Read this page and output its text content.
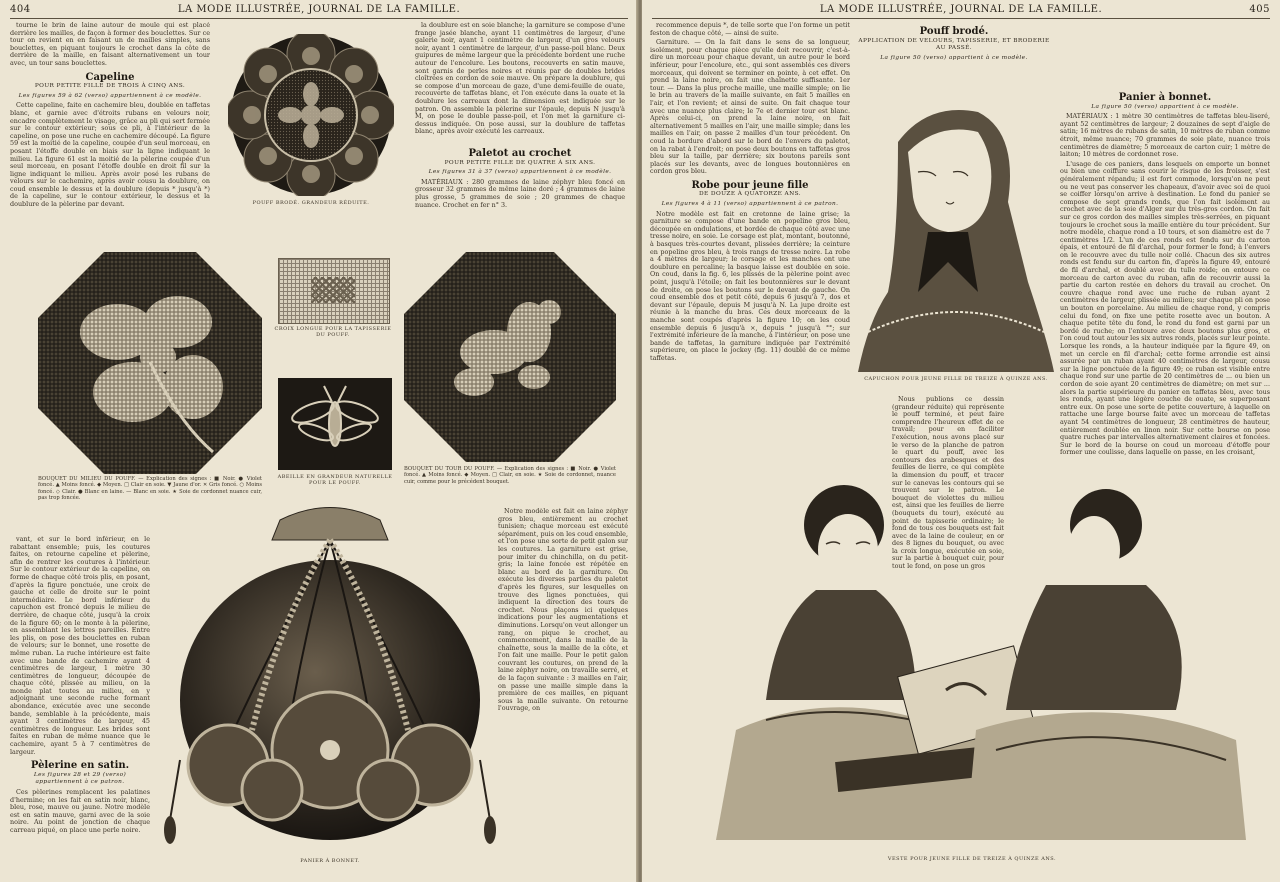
404	LA MODE ILLUSTRÉE, JOURNAL DE LA FAMILLE.

tourne le brin de laine autour de moule qui est placé derrière les mailles, de façon à former des bouclettes. Sur ce tour on revient en en faisant un de mailles simples, sans bouclettes, en piquant toujours le crochet dans la côte de derrière de la maille, en faisant alternativement un tour avec, un tour sans bouclettes.

Capeline
POUR PETITE FILLE DE TROIS À CINQ ANS.
Les figures 59 à 62 (verso) appartiennent à ce modèle.

Cette capeline, faite en cachemire bleu, doublée en taffetas blanc, et garnie avec d'étroits rubans en velours noir, encadre complètement le visage, grâce au pli qui sert fermée sur le contour extérieur; sous ce pli, à l'intérieur de la capeline, on pose une ruche en cachemire découpé. La figure 59 est la moitié de la capeline, coupée d'un seul morceau, en posant l'étoffe double en biais sur la ligne indiquant le milieu. La figure 61 est la moitié de la pèlerine coupée d'un seul morceau, en posant l'étoffe double en droit fil sur la ligne indiquant le milieu. Après avoir posé les rubans de velours sur le cachemire, après avoir cousu la doublure, on coud ensemble le dessus et la doublure (depuis * jusqu'à *) de la capeline, sur le contour extérieur, le dessus et la doublure de la pèlerine par devant.	POUFF BRODÉ. GRANDEUR RÉDUITE.

la doublure est en soie blanche; la garniture se compose d'une frange jasée blanche, ayant 11 centimètres de largeur, d'une galerie noir, ayant 1 centimètre de largeur, d'un gros velours noir, ayant 1 centimètre de largeur, d'un passe-poil blanc. Deux guipures de même largeur que la précédente bordent une ruche autour de l'encolure. Les boutons, recouverts en satin mauve, sont garnis de perles noires et réunis par de doubles brides cloîtrées en cordon de soie mauve. On prépare la doublure, qui se compose d'un morceau de gaze, d'une demi-feuille de ouate, recouverte de taffetas blanc, et l'on exécute dans la ouate et la doublure les carreaux dont la dimension est indiquée sur le patron. On assemble la pèlerine sur l'épaule, depuis N jusqu'à M, on pose le double passe-poil, et l'on met la garniture ci-dessus indiquée. On pose aussi, sur la doublure de taffetas blanc, après avoir exécuté les carreaux.

Paletot au crochet
POUR PETITE FILLE DE QUATRE À SIX ANS.
Les figures 31 à 37 (verso) appartiennent à ce modèle.

MATÉRIAUX : 280 grammes de laine zéphyr bleu foncé en grosseur 32 grammes de même laine doré ; 4 grammes de laine plus grosse, 5 grammes de soie ; 20 grammes de chaque nuance. Crochet en fer n° 3.

BOUQUET DU MILIEU DU POUFF. — Explication des signes : ■ Noir. ● Violet foncé. ▲ Moins foncé. ◆ Moyen. □ Clair en soie. ▼ Jaune d'or. ✕ Gris foncé. ○ Moins foncé. ◇ Clair. ● Blanc en laine. — Blanc en soie. ★ Soie de cordonnet nuance cuir, pas trop foncée.
CROIX LONGUE POUR LA TAPISSERIE DU POUFF.
ABEILLE EN GRANDEUR NATURELLE POUR LE POUFF.
BOUQUET DU TOUR DU POUFF. — Explication des signes : ■ Noir. ● Violet foncé. ▲ Moins foncé. ◆ Moyen. □ Clair, en soie. ★ Soie de cordonnet, nuance cuir, comme pour le précédent bouquet.

vant, et sur le bord inférieur, en le rabattant ensemble; puis, les coutures faites, on retourne capeline et pèlerine, afin de rentrer les coutures à l'intérieur. Sur le contour extérieur de la capeline, on forme de chaque côté trois plis, en posant, d'après la figure ponctuée, une croix de gauche et celle de droite sur le point intermédiaire. Le bord inférieur du capuchon est froncé depuis le milieu de derrière, de chaque côté, jusqu'à la croix de la figure 60; on le monte à la pèlerine, en assemblant les lettres pareilles. Entre les plis, on pose des bouclettes en ruban de velours; sur le bonnet, une rosette de même ruban. La ruche intérieure est faite avec une bande de cachemire ayant 4 centimètres de largeur, 1 mètre 30 centimètres de longueur, découpée de chaque côté, plissée au milieu, on la monde plat toutes au milieu, en y adjoignant une seconde ruche formant abondance, exécutée avec une seconde bande, semblable à la précédente, mais ayant 3 centimètres de largeur, 45 centimètres de longueur. Les brides sont faites en ruban de même nuance que le cachemire, ayant 5 à 7 centimètres de largeur.

Pèlerine en satin.
Les figures 28 et 29 (verso) appartiennent à ce patron.

Ces pèlerines remplacent les palatines d'hermine; on les fait en satin noir, blanc, bleu, rose, mauve ou jaune. Notre modèle est en satin mauve, garni avec de la soie noire. Au point de jonction de chaque carreau piqué, on place une perle noire.

PANIER À BONNET.

Notre modèle est fait en laine zéphyr gros bleu, entièrement au crochet tunisien; chaque morceau est exécuté séparément, puis on les coud ensemble, et l'on pose une sorte de petit galon sur les coutures. La garniture est grise, pour imiter du chinchilla, on du petit-gris; la laine foncée est répétée en blanc au bord de la garniture. On exécute les diverses parties du paletot d'après les figures, sur lesquelles on trouve des lignes ponctuées, qui indiquent la direction des tours de crochet. Nous plaçons ici quelques indications pour les augmentations et diminutions. Lorsqu'on veut allonger un rang, on pique le crochet, au commencement, dans la maille de la chaînette, sous la maille de la côte, et l'on fait une maille. Pour le petit galon couvrant les coutures, on prend de la laine zéphyr noire, on travaille serré, et de la façon suivante : 3 mailles en l'air, on passe une maille simple dans la première de ces mailles, en piquant sous la maille suivante. On retourne l'ouvrage, on

LA MODE ILLUSTRÉE, JOURNAL DE LA FAMILLE.	405

recommence depuis *, de telle sorte que l'on forme un petit feston de chaque côté, — ainsi de suite.

Garniture. — On la fait dans le sens de sa longueur, isolément, pour chaque pièce qu'elle doit recouvrir, c'est-à-dire un morceau pour chaque devant, un autre pour le bord inférieur, pour l'encolure, etc., qui sont assemblés ces divers morceaux, qui doivent se terminer en pointe, à cet effet. On prend la laine noire, on fait une chaînette suffisante. 1er tour. — Dans la plus proche maille, une maille simple; on lie le brin au travers de la maille suivante, en fait 5 mailles en l'air, et l'on revient; et ainsi de suite. On fait chaque tour avec une nuance plus claire; le 7e et dernier tour est blanc. Après celui-ci, on prend la laine noire, on fait alternativement 5 mailles en l'air, une maille simple; dans les mailles en l'air, on passe 2 mailles d'un tour précédent. On coud la bordure d'abord sur le bord de l'envers du paletot, on la rabat à l'endroit; on pose deux boutons en taffetas gros bleu sur la taille, par derrière; six boutons pareils sont placés sur les devants, avec de longues boutonnières en cordon gros bleu.

Robe pour jeune fille
DE DOUZE À QUATORZE ANS.
Les figures 4 à 11 (verso) appartiennent à ce patron.

Notre modèle est fait en cretonne de laine grise; la garniture se compose d'une bande en popeline gros bleu, découpée en ondulations, et bordée de chaque côté avec une tresse noire, en soie. Le corsage est plat, montant, boutonné, à basques très-courtes devant, plissées derrière; la ceinture en popeline gros bleu, à trois rangs de tresse noire. La robe a 4 mètres de largeur; le corsage et les manches ont une doublure en percaline; la basque laisse est doublée en soie. On coud, dans la fig. 6, les plissés de la pèlerine point avec point, jusqu'à l'étoile; on fait les boutonnières sur le devant de droite, on pose les boutons sur le devant de gauche. On coud ensemble dos et petit côté, depuis 6 jusqu'à 7, dos et devant sur l'épaule, depuis M jusqu'à N. La jupe droite est réunie à la manche du bras. Ces deux morceaux de la manche sont coupés d'après la figure 10; on les coud ensemble depuis 6 jusqu'à ×, depuis ° jusqu'à °°; sur l'extrémité inférieure de la manche, à l'intérieur, on pose une bande de taffetas, la garniture indiquée par l'extrémité supérieure, on place le jockey (fig. 11) doublé de ce même taffetas.

Pouff brodé.
APPLICATION DE VELOURS, TAPISSERIE, ET BRODERIE AU PASSÉ.
La figure 50 (verso) appartient à ce modèle.
CAPUCHON POUR JEUNE FILLE DE TREIZE À QUINZE ANS.

Nous publions ce dessin (grandeur réduite) qui représente le pouff terminé, et peut faire comprendre l'heureux effet de ce travail; pour en faciliter l'exécution, nous avons placé sur le verso de la planche de patron le quart du pouff, avec les contours des arabesques et des feuilles de lierre, ce qui complète la dimension du pouff, et tracer sur le canevas les contours qui se trouvent sur le patron. Le bouquet de violettes du milieu est, ainsi que les feuilles de lierre (bouquets du tour), exécuté au point de tapisserie ordinaire; le fond de tous ces bouquets est fait avec de la laine de couleur, en or des 8 lignes du bouquet, ou avec la croix longue, exécutée en soie, sur la partie à bouquet cuir, pour tout le fond, on pose un gros

Panier à bonnet.
La figure 50 (verso) appartient à ce modèle.

MATÉRIAUX : 1 mètre 30 centimètres de taffetas bleu-liseré, ayant 52 centimètres de largeur; 2 douzaines de sept d'aigle de satin; 16 mètres de rubans de satin, 10 mètres de ruban comme étroit, même nuance; 70 grammes de soie plate, nuance trois centimètres de diamètre; 5 morceaux de carton cuir; 1 mètre de laiton; 10 mètres de cordonnet rose.

L'usage de ces paniers, dans lesquels on emporte un bonnet ou bien une coiffure sans courir le risque de les froisser, s'est généralement répandu; il est fort commode, lorsqu'on ne peut ou ne veut pas conserver les chapeaux, d'avoir avec soi de quoi se coiffer lorsqu'on arrive à destination. Le fond du panier se compose de sept grands ronds, que l'on fait isolément au crochet avec de la soie d'Alger sur du très-gros cordon. On fait sur ce gros cordon des mailles simples très-serrées, en piquant toujours le crochet sous la maille entière du tour précédent. Sur notre modèle, chaque rond a 10 tours, et son diamètre est de 7 centimètres 1/2. L'un de ces ronds est fendu sur du carton épais, et entouré de fil d'archal, pour former le fond; à l'envers on le recouvre avec du tulle noir collé. Chacun des six autres ronds est fendu sur du carton fin, d'après la figure 49, entouré de fil d'archal, et doublé avec du tulle roide; on entoure ce morceau de carton avec du ruban, afin de recouvrir aussi la partie du carton restée en dehors du travail au crochet. On couvre chaque rond avec une ruche de ruban ayant 2 centimètres de largeur, plissée au milieu; sur chaque pli on pose un bouton en porcelaine. Au milieu de chaque rond, y compris celui du fond, on fixe une petite rosette avec un bouton. A chaque petite tête du fond, le rond du fond est garni par un bordé de ruche; on l'entoure avec deux boutons plus gros, et l'on coud tout autour les six autres ronds, placés sur leur pointe. Lorsque les ronds, a la hauteur indiquée par la figure 49, on met un cercle en fil d'archal; cette forme arrondie est ainsi assurée par un ruban ayant 40 centimètres de largeur, cousu sur la ligne ponctuée de la figure 49; ce ruban est visible entre chaque rond sur une partie de 20 centimètres de ... ou bien un cordon de soie ayant 20 centimètres de diamètre; on met sur ... alors la partie supérieure du panier en taffetas bleu, avec tous les ronds, ayant une légère couche de ouate, se superposant entre eux. On pose une sorte de petite couverture, à laquelle on rattache une large bourse faite avec un morceau de taffetas ayant 54 centimètres de longueur, 28 centimètres de hauteur, entièrement doublée en linon noir. Sur cette bourse on pose quatre ruches par intervalles alternativement claires et foncées. Sur le bord de la bourse on coud un morceau d'étoffe pour former une coulisse, dans laquelle on passe, en les croisant,

VESTE POUR JEUNE FILLE DE TREIZE À QUINZE ANS.
